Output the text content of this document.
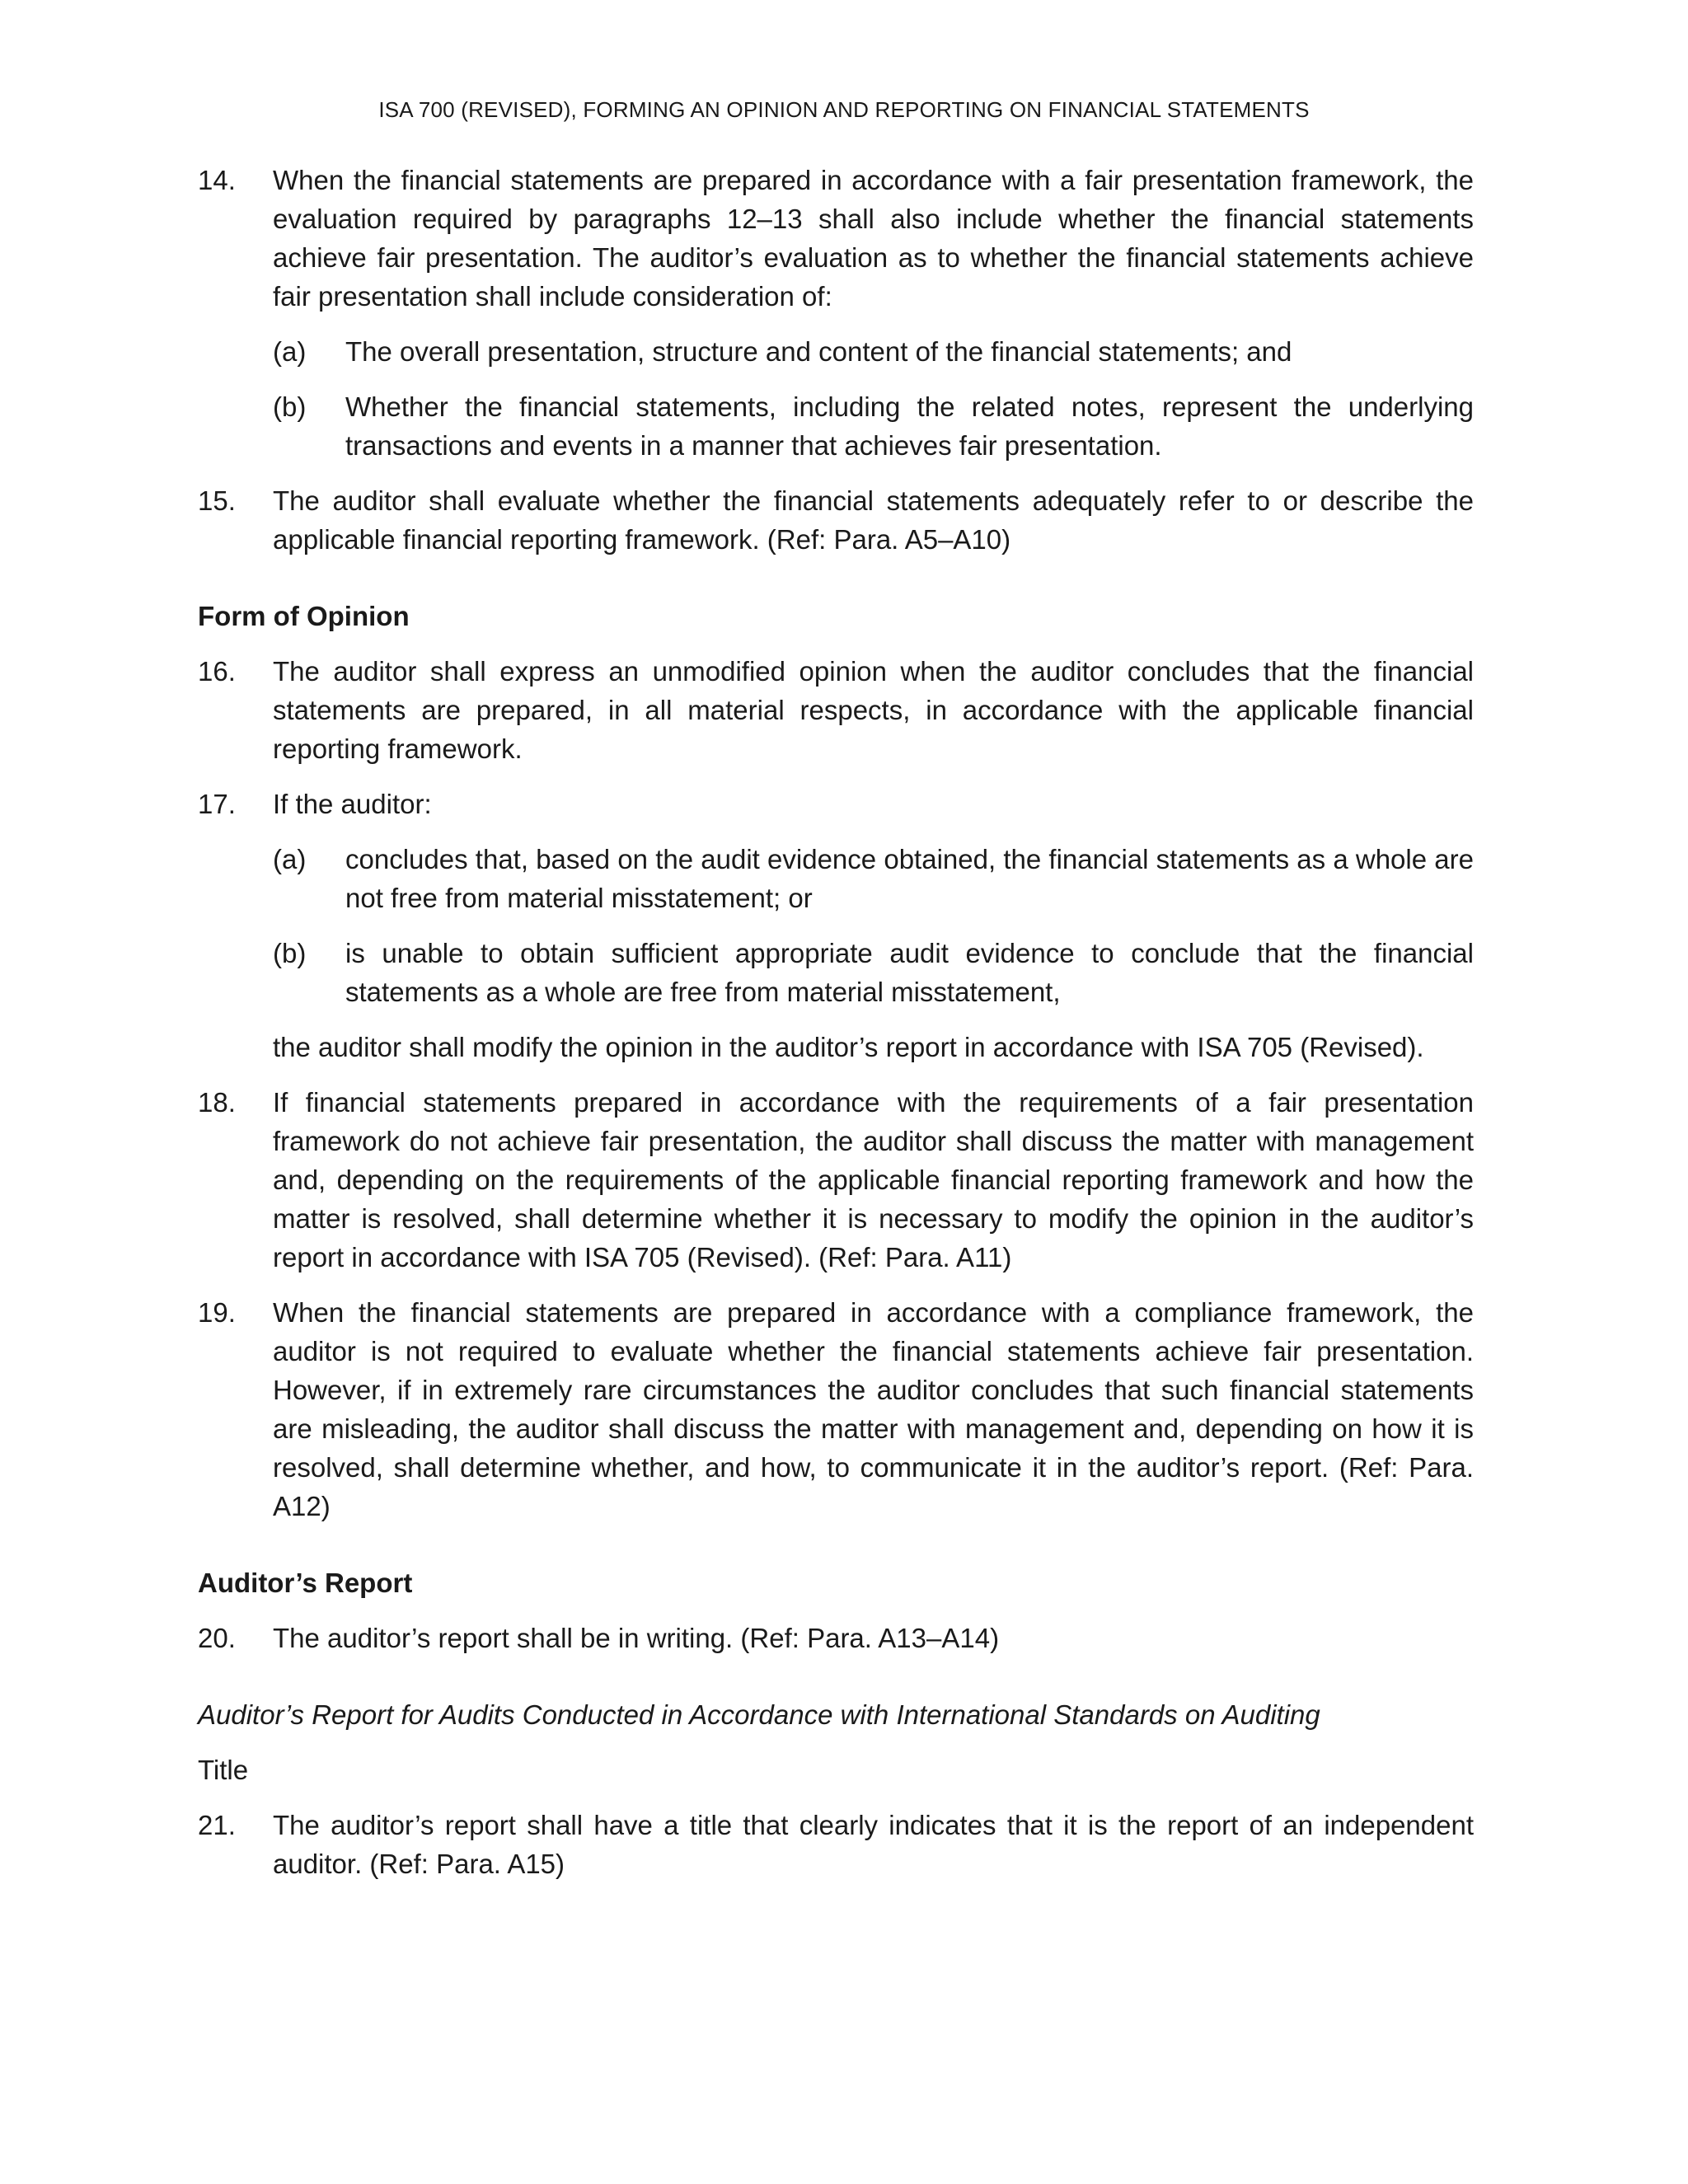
ISA 700 (REVISED), FORMING AN OPINION AND REPORTING ON FINANCIAL STATEMENTS
14.	When the financial statements are prepared in accordance with a fair presentation framework, the evaluation required by paragraphs 12–13 shall also include whether the financial statements achieve fair presentation. The auditor’s evaluation as to whether the financial statements achieve fair presentation shall include consideration of:

(a)	The overall presentation, structure and content of the financial statements; and
(b)	Whether the financial statements, including the related notes, represent the underlying transactions and events in a manner that achieves fair presentation.
15.	The auditor shall evaluate whether the financial statements adequately refer to or describe the applicable financial reporting framework. (Ref: Para. A5–A10)
Form of Opinion
16.	The auditor shall express an unmodified opinion when the auditor concludes that the financial statements are prepared, in all material respects, in accordance with the applicable financial reporting framework.
17.	If the auditor:

(a)	concludes that, based on the audit evidence obtained, the financial statements as a whole are not free from material misstatement; or
(b)	is unable to obtain sufficient appropriate audit evidence to conclude that the financial statements as a whole are free from material misstatement,
the auditor shall modify the opinion in the auditor’s report in accordance with ISA 705 (Revised).
18.	If financial statements prepared in accordance with the requirements of a fair presentation framework do not achieve fair presentation, the auditor shall discuss the matter with management and, depending on the requirements of the applicable financial reporting framework and how the matter is resolved, shall determine whether it is necessary to modify the opinion in the auditor’s report in accordance with ISA 705 (Revised). (Ref: Para. A11)
19.	When the financial statements are prepared in accordance with a compliance framework, the auditor is not required to evaluate whether the financial statements achieve fair presentation. However, if in extremely rare circumstances the auditor concludes that such financial statements are misleading, the auditor shall discuss the matter with management and, depending on how it is resolved, shall determine whether, and how, to communicate it in the auditor’s report. (Ref: Para. A12)
Auditor’s Report
20.	The auditor’s report shall be in writing. (Ref: Para. A13–A14)
Auditor’s Report for Audits Conducted in Accordance with International Standards on Auditing
Title
21.	The auditor’s report shall have a title that clearly indicates that it is the report of an independent auditor. (Ref: Para. A15)
